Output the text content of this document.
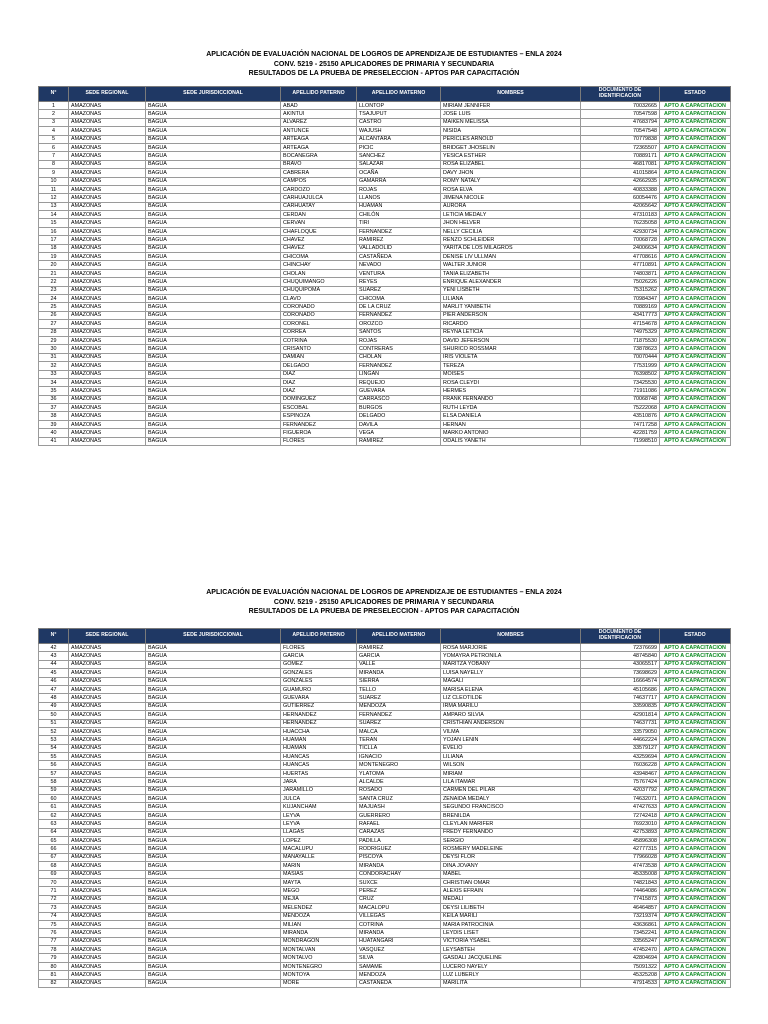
APLICACIÓN DE EVALUACIÓN NACIONAL DE LOGROS DE APRENDIZAJE DE ESTUDIANTES – ENLA 2024
CONV. 5219 - 25150 APLICADORES DE PRIMARIA Y SECUNDARIA
RESULTADOS DE LA PRUEBA DE PRESELECCION - APTOS PAR CAPACITACIÓN
N°	SEDE REGIONAL	SEDE JURISDICCIONAL	APELLIDO PATERNO	APELLIDO MATERNO	NOMBRES	DOCUMENTO DE IDENTIFICACION	ESTADO
1	AMAZONAS	BAGUA	ABAD	LLONTOP	MIRIAM JENNIFER	70032665	APTO A CAPACITACION
2	AMAZONAS	BAGUA	AKINTUI	TSAJUPUT	JOSE LUIS	70547598	APTO A CAPACITACION
3	AMAZONAS	BAGUA	ALVAREZ	CASTRO	MAIKEN MELISSA	47683794	APTO A CAPACITACION
4	AMAZONAS	BAGUA	ANTUNCE	WAJUSH	NISIDA	70547548	APTO A CAPACITACION
5	AMAZONAS	BAGUA	ARTEAGA	ALCANTARA	PERICLES ARNOLD	70779838	APTO A CAPACITACION
6	AMAZONAS	BAGUA	ARTEAGA	PICIC	BRIDGET JHOSELIN	72365507	APTO A CAPACITACION
7	AMAZONAS	BAGUA	BOCANEGRA	SANCHEZ	YESICA ESTHER	70889171	APTO A CAPACITACION
8	AMAZONAS	BAGUA	BRAVO	SALAZAR	ROSA ELIZABEL	46817081	APTO A CAPACITACION
9	AMAZONAS	BAGUA	CABRERA	OCAÑA	DAVY JHON	41015864	APTO A CAPACITACION
10	AMAZONAS	BAGUA	CAMPOS	GAMARRA	ROMY NATALY	42662935	APTO A CAPACITACION
11	AMAZONAS	BAGUA	CARDOZO	ROJAS	ROSA ELVA	40833388	APTO A CAPACITACION
12	AMAZONAS	BAGUA	CARHUAJULCA	LLANOS	JIMENA NICOLE	60054476	APTO A CAPACITACION
13	AMAZONAS	BAGUA	CARHUATAY	HUAMAN	AURORA	42065642	APTO A CAPACITACION
14	AMAZONAS	BAGUA	CERDAN	CHILÓN	LETICIA MEDALY	47310183	APTO A CAPACITACION
15	AMAZONAS	BAGUA	CERVAN	TIRI	JHON HELVER	76235058	APTO A CAPACITACION
16	AMAZONAS	BAGUA	CHAFLOQUE	FERNANDEZ	NELLY CECILIA	42930734	APTO A CAPACITACION
17	AMAZONAS	BAGUA	CHAVEZ	RAMIREZ	RENZO SCHLEIDER	70068728	APTO A CAPACITACION
18	AMAZONAS	BAGUA	CHAVEZ	VALLADOLID	YARITA DE LOS MILAGROS	24006634	APTO A CAPACITACION
19	AMAZONAS	BAGUA	CHICOMA	CASTAÑEDA	DENISE LIV ULLMAN	47708616	APTO A CAPACITACION
20	AMAZONAS	BAGUA	CHINCHAY	NEVADO	WALTER JUNIOR	47710891	APTO A CAPACITACION
21	AMAZONAS	BAGUA	CHOLAN	VENTURA	TANIA ELIZABETH	74803871	APTO A CAPACITACION
22	AMAZONAS	BAGUA	CHUQUIMANGO	REYES	ENRIQUE ALEXANDER	75026226	APTO A CAPACITACION
23	AMAZONAS	BAGUA	CHUQUIPOMA	SUAREZ	YENI LISBETH	75315262	APTO A CAPACITACION
24	AMAZONAS	BAGUA	CLAVO	CHICOMA	LILIANA	70984347	APTO A CAPACITACION
25	AMAZONAS	BAGUA	CORONADO	DE LA CRUZ	MARLIT YANIBETH	70889169	APTO A CAPACITACION
26	AMAZONAS	BAGUA	CORONADO	FERNANDEZ	PIER ANDERSON	43417773	APTO A CAPACITACION
27	AMAZONAS	BAGUA	CORONEL	OROZCO	RICARDO	47154678	APTO A CAPACITACION
28	AMAZONAS	BAGUA	CORREA	SANTOS	REYNA LETICIA	74975329	APTO A CAPACITACION
29	AMAZONAS	BAGUA	COTRINA	ROJAS	DAVID JEFERSON	71875530	APTO A CAPACITACION
30	AMAZONAS	BAGUA	CRISANTO	CONTRERAS	SHURICO ROSSMAR	73878623	APTO A CAPACITACION
31	AMAZONAS	BAGUA	DAMIAN	CHOLAN	IRIS VIOLETA	70070444	APTO A CAPACITACION
32	AMAZONAS	BAGUA	DELGADO	FERNANDEZ	TEREZA	77531999	APTO A CAPACITACION
33	AMAZONAS	BAGUA	DIAZ	LINGAN	MOISES	76398502	APTO A CAPACITACION
34	AMAZONAS	BAGUA	DIAZ	REQUEJO	ROSA CLEYDI	73425530	APTO A CAPACITACION
35	AMAZONAS	BAGUA	DIAZ	GUEVARA	HERMES	71911086	APTO A CAPACITACION
36	AMAZONAS	BAGUA	DOMINGUEZ	CARRASCO	FRANK FERNANDO	70068748	APTO A CAPACITACION
37	AMAZONAS	BAGUA	ESCOBAL	BURGOS	RUTH LEYDA	75222068	APTO A CAPACITACION
38	AMAZONAS	BAGUA	ESPINOZA	DELGADO	ELSA DANIELA	43510876	APTO A CAPACITACION
39	AMAZONAS	BAGUA	FERNANDEZ	DAVILA	HERNAN	74717258	APTO A CAPACITACION
40	AMAZONAS	BAGUA	FIGUEROA	VEGA	MARKO ANTONIO	42281759	APTO A CAPACITACION
41	AMAZONAS	BAGUA	FLORES	RAMIREZ	ODALIS YANETH	71998510	APTO A CAPACITACION
APLICACIÓN DE EVALUACIÓN NACIONAL DE LOGROS DE APRENDIZAJE DE ESTUDIANTES – ENLA 2024
CONV. 5219 - 25150 APLICADORES DE PRIMARIA Y SECUNDARIA
RESULTADOS DE LA PRUEBA DE PRESELECCION - APTOS PAR CAPACITACIÓN
N°	SEDE REGIONAL	SEDE JURISDICCIONAL	APELLIDO PATERNO	APELLIDO MATERNO	NOMBRES	DOCUMENTO DE IDENTIFICACION	ESTADO
42	AMAZONAS	BAGUA	FLORES	RAMIREZ	ROSA MARJORIE	72376699	APTO A CAPACITACION
43	AMAZONAS	BAGUA	GARCIA	GARCIA	YOMAYRA PETRONILA	48745840	APTO A CAPACITACION
44	AMAZONAS	BAGUA	GOMEZ	VALLE	MARITZA YOBANY	43065517	APTO A CAPACITACION
45	AMAZONAS	BAGUA	GONZALES	MIRANDA	LUISA NAYELLY	73698629	APTO A CAPACITACION
46	AMAZONAS	BAGUA	GONZALES	SIERRA	MAGALI	16664574	APTO A CAPACITACION
47	AMAZONAS	BAGUA	GUAMURO	TELLO	MARISA ELENA	45105686	APTO A CAPACITACION
48	AMAZONAS	BAGUA	GUEVARA	SUAREZ	LIZ CLEOTILDE	74637717	APTO A CAPACITACION
49	AMAZONAS	BAGUA	GUTIERREZ	MENDOZA	IRMA MARILÚ	33590835	APTO A CAPACITACION
50	AMAZONAS	BAGUA	HERNANDEZ	FERNANDEZ	AMPARO SILVIA	42901814	APTO A CAPACITACION
51	AMAZONAS	BAGUA	HERNANDEZ	SUAREZ	CRISTHIAN ANDERSON	74637731	APTO A CAPACITACION
52	AMAZONAS	BAGUA	HUACCHA	MALCA	VILMA	33579050	APTO A CAPACITACION
53	AMAZONAS	BAGUA	HUAMAN	TERAN	YOJAN LENIN	44662224	APTO A CAPACITACION
54	AMAZONAS	BAGUA	HUAMÁN	TICLLA	EVELIO	33579127	APTO A CAPACITACION
55	AMAZONAS	BAGUA	HUANCAS	IGNACIO	LILIANA	43259694	APTO A CAPACITACION
56	AMAZONAS	BAGUA	HUANCAS	MONTENEGRO	WILSON	76036228	APTO A CAPACITACION
57	AMAZONAS	BAGUA	HUERTAS	YLATOMA	MIRIAM	43948467	APTO A CAPACITACION
58	AMAZONAS	BAGUA	JARA	ALCALDE	LILA ITAMAR	75767424	APTO A CAPACITACION
59	AMAZONAS	BAGUA	JARAMILLO	ROSADO	CARMEN DEL PILAR	42037792	APTO A CAPACITACION
60	AMAZONAS	BAGUA	JULCA	SANTA CRUZ	ZENAIDA MEDALY	74632071	APTO A CAPACITACION
61	AMAZONAS	BAGUA	KUJANCHAM	MAJUASH	SEGUNDO FRANCISCO	47427633	APTO A CAPACITACION
62	AMAZONAS	BAGUA	LEYVA	GUERRERO	BRENILDA	72742418	APTO A CAPACITACION
63	AMAZONAS	BAGUA	LEYVA	RAFAEL	CLEYLAN MARIFER	76923010	APTO A CAPACITACION
64	AMAZONAS	BAGUA	LLAGAS	CARAZAS	FREDY FERNANDO	42753893	APTO A CAPACITACION
65	AMAZONAS	BAGUA	LOPEZ	PADILLA	SERGIO	45896308	APTO A CAPACITACION
66	AMAZONAS	BAGUA	MACALUPU	RODRIGUEZ	ROSMERY MADELEINE	42777315	APTO A CAPACITACION
67	AMAZONAS	BAGUA	MANAYALLE	PISCOYA	DEYSI FLOR	77966028	APTO A CAPACITACION
68	AMAZONAS	BAGUA	MARIN	MIRANDA	DINA JOVANY	47473538	APTO A CAPACITACION
69	AMAZONAS	BAGUA	MASIAS	CONDORACHAY	MABEL	45335008	APTO A CAPACITACION
70	AMAZONAS	BAGUA	MAYTA	SUXCE	CHRISTIAN OMAR	74821843	APTO A CAPACITACION
71	AMAZONAS	BAGUA	MEGO	PEREZ	ALEXIS EFRAIN	74464086	APTO A CAPACITACION
72	AMAZONAS	BAGUA	MEJIA	CRUZ	MEDALI	77415873	APTO A CAPACITACION
73	AMAZONAS	BAGUA	MELENDEZ	MACALOPU	DEYSI LILIBETH	46464857	APTO A CAPACITACION
74	AMAZONAS	BAGUA	MENDOZA	VILLEGAS	KEILA MARILI	73219374	APTO A CAPACITACION
75	AMAZONAS	BAGUA	MILIAN	COTRINA	MARIA PATROCINIA	43636861	APTO A CAPACITACION
76	AMAZONAS	BAGUA	MIRANDA	MIRANDA	LEYDIS LISET	73452241	APTO A CAPACITACION
77	AMAZONAS	BAGUA	MONDRAGON	HUATANGARI	VICTORIA YSABEL	33565247	APTO A CAPACITACION
78	AMAZONAS	BAGUA	MONTALVAN	VASQUEZ	LEYSABTEH	47452470	APTO A CAPACITACION
79	AMAZONAS	BAGUA	MONTALVO	SILVA	GASDALI JACQUELINE	42804694	APTO A CAPACITACION
80	AMAZONAS	BAGUA	MONTENEGRO	SAMAME	LUCERO NAYELY	75091322	APTO A CAPACITACION
81	AMAZONAS	BAGUA	MONTOYA	MENDOZA	LUZ LUBERLY	45325208	APTO A CAPACITACION
82	AMAZONAS	BAGUA	MORE	CASTAÑEDA	MARILITA	47914533	APTO A CAPACITACION
